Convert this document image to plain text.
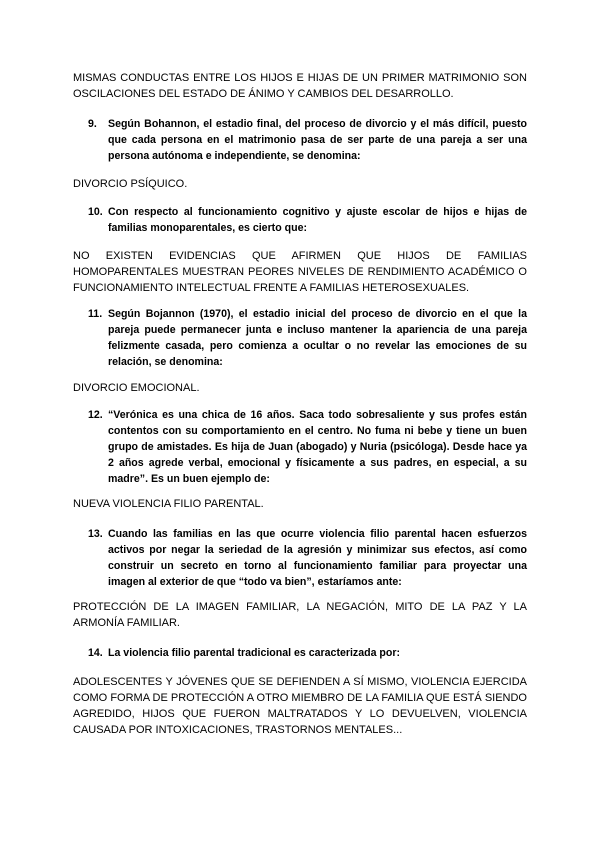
MISMAS CONDUCTAS ENTRE LOS HIJOS E HIJAS DE UN PRIMER MATRIMONIO SON OSCILACIONES DEL ESTADO DE ÁNIMO Y CAMBIOS DEL DESARROLLO.
9. Según Bohannon, el estadio final, del proceso de divorcio y el más difícil, puesto que cada persona en el matrimonio pasa de ser parte de una pareja a ser una persona autónoma e independiente, se denomina:
DIVORCIO PSÍQUICO.
10. Con respecto al funcionamiento cognitivo y ajuste escolar de hijos e hijas de familias monoparentales, es cierto que:
NO EXISTEN EVIDENCIAS QUE AFIRMEN QUE HIJOS DE FAMILIAS HOMOPARENTALES MUESTRAN PEORES NIVELES DE RENDIMIENTO ACADÉMICO O FUNCIONAMIENTO INTELECTUAL FRENTE A FAMILIAS HETEROSEXUALES.
11. Según Bojannon (1970), el estadio inicial del proceso de divorcio en el que la pareja puede permanecer junta e incluso mantener la apariencia de una pareja felizmente casada, pero comienza a ocultar o no revelar las emociones de su relación, se denomina:
DIVORCIO EMOCIONAL.
12. “Verónica es una chica de 16 años. Saca todo sobresaliente y sus profes están contentos con su comportamiento en el centro. No fuma ni bebe y tiene un buen grupo de amistades. Es hija de Juan (abogado) y Nuria (psicóloga). Desde hace ya 2 años agrede verbal, emocional y físicamente a sus padres, en especial, a su madre”. Es un buen ejemplo de:
NUEVA VIOLENCIA FILIO PARENTAL.
13. Cuando las familias en las que ocurre violencia filio parental hacen esfuerzos activos por negar la seriedad de la agresión y minimizar sus efectos, así como construir un secreto en torno al funcionamiento familiar para proyectar una imagen al exterior de que “todo va bien”, estaríamos ante:
PROTECCIÓN DE LA IMAGEN FAMILIAR, LA NEGACIÓN, MITO DE LA PAZ Y LA ARMONÍA FAMILIAR.
14. La violencia filio parental tradicional es caracterizada por:
ADOLESCENTES Y JÓVENES QUE SE DEFIENDEN A SÍ MISMO, VIOLENCIA EJERCIDA COMO FORMA DE PROTECCIÓN A OTRO MIEMBRO DE LA FAMILIA QUE ESTÁ SIENDO AGREDIDO, HIJOS QUE FUERON MALTRATADOS Y LO DEVUELVEN, VIOLENCIA CAUSADA POR INTOXICACIONES, TRASTORNOS MENTALES...
